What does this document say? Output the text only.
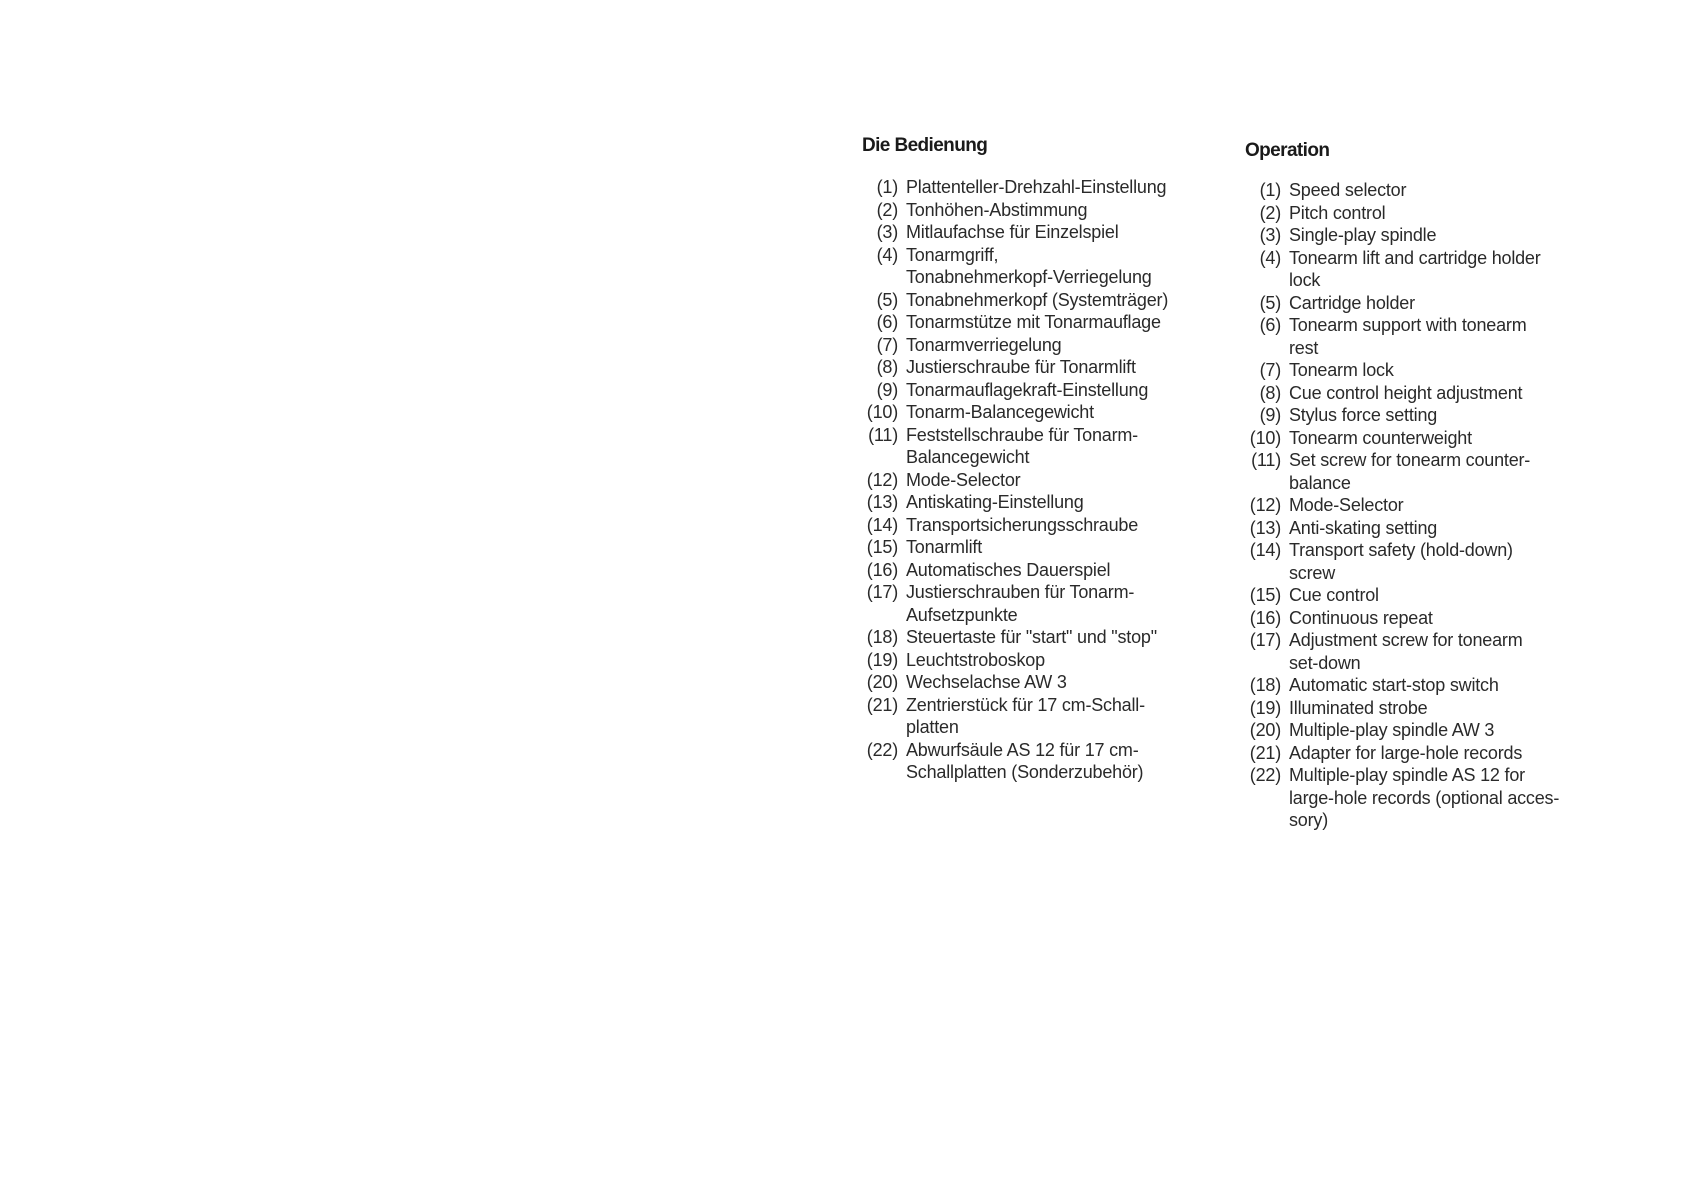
Die Bedienung
(1) Plattenteller-Drehzahl-Einstellung
(2) Tonhöhen-Abstimmung
(3) Mitlaufachse für Einzelspiel
(4) Tonarmgriff,
Tonabnehmerkopf-Verriegelung
(5) Tonabnehmerkopf (Systemträger)
(6) Tonarmstütze mit Tonarmauflage
(7) Tonarmverriegelung
(8) Justierschraube für Tonarmlift
(9) Tonarmauflagekraft-Einstellung
(10) Tonarm-Balancegewicht
(11) Feststellschraube für Tonarm-
Balancegewicht
(12) Mode-Selector
(13) Antiskating-Einstellung
(14) Transportsicherungsschraube
(15) Tonarmlift
(16) Automatisches Dauerspiel
(17) Justierschrauben für Tonarm-
Aufsetzpunkte
(18) Steuertaste für "start" und "stop"
(19) Leuchtstroboskop
(20) Wechselachse AW 3
(21) Zentrierstück für 17 cm-Schall-
platten
(22) Abwurfsäule AS 12 für 17 cm-
Schallplatten (Sonderzubehör)
Operation
(1) Speed selector
(2) Pitch control
(3) Single-play spindle
(4) Tonearm lift and cartridge holder
lock
(5) Cartridge holder
(6) Tonearm support with tonearm
rest
(7) Tonearm lock
(8) Cue control height adjustment
(9) Stylus force setting
(10) Tonearm counterweight
(11) Set screw for tonearm counter-
balance
(12) Mode-Selector
(13) Anti-skating setting
(14) Transport safety (hold-down)
screw
(15) Cue control
(16) Continuous repeat
(17) Adjustment screw for tonearm
set-down
(18) Automatic start-stop switch
(19) Illuminated strobe
(20) Multiple-play spindle AW 3
(21) Adapter for large-hole records
(22) Multiple-play spindle AS 12 for
large-hole records (optional acces-
sory)
